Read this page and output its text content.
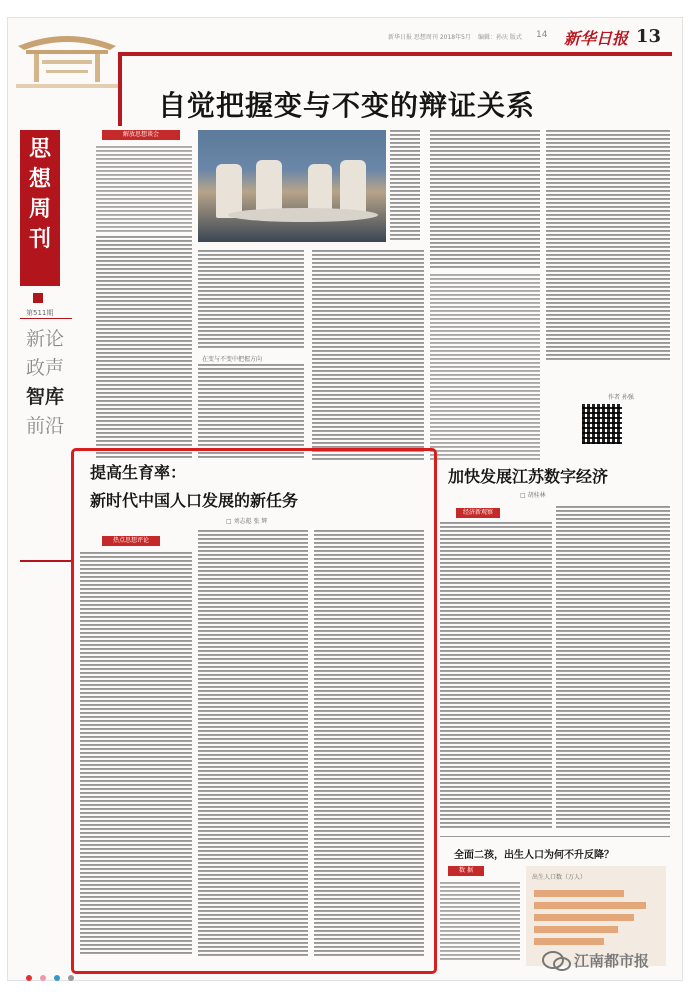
新华日报 思想周刊 2018年5月 编辑：孙庆 版式 14 新华日报 13
自觉把握变与不变的辩证关系
思
想
周
刊
第511期
新论
政声
智库
前沿
解放思想谈会
在变与不变中把握方向
作者 孙强
提高生育率：
新时代中国人口发展的新任务
□ 刘志彪 张 辉
热点思想评论
加快发展江苏数字经济
□ 胡桂林
经济新观察
全面二孩，出生人口为何不升反降？
数 据
出生人口数（万人）

江南都市报
